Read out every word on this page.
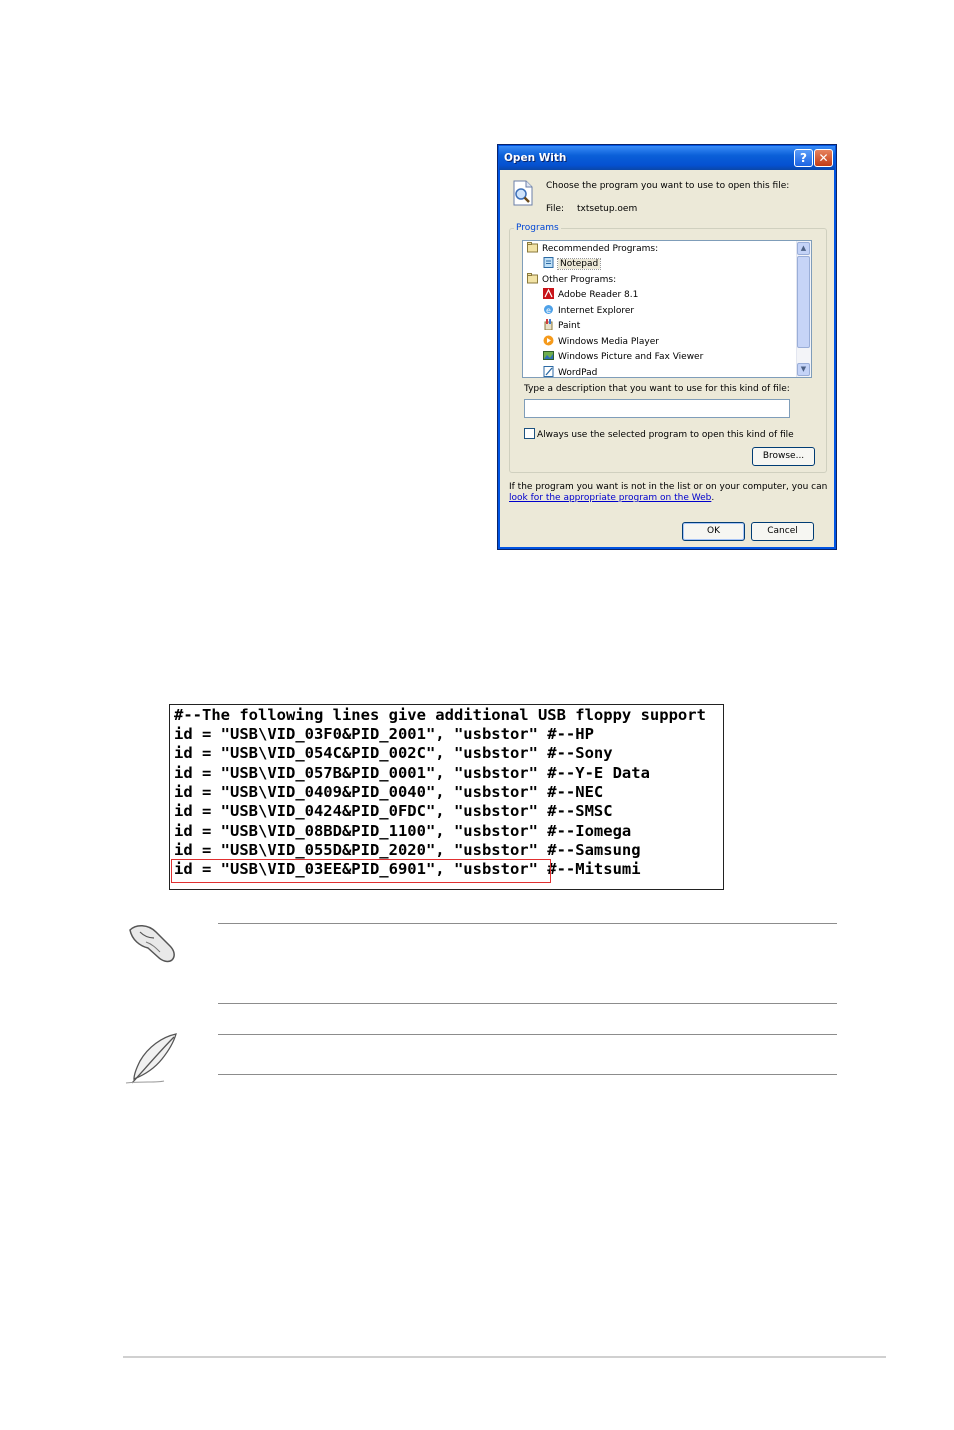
Open With	? ✕
Choose the program you want to use to open this file:
File: txtsetup.oem
Programs
Recommended Programs:
Notepad
Other Programs:
Adobe Reader 8.1
e Internet Explorer
Paint
Windows Media Player
Windows Picture and Fax Viewer
WordPad
▲
▼
Type a description that you want to use for this kind of file:
Always use the selected program to open this kind of file
Browse...
If the program you want is not in the list or on your computer, you can look for the appropriate program on the Web.
OK	Cancel
#--The following lines give additional USB floppy support
id = "USB\VID_03F0&PID_2001", "usbstor" #--HP
id = "USB\VID_054C&PID_002C", "usbstor" #--Sony
id = "USB\VID_057B&PID_0001", "usbstor" #--Y-E Data
id = "USB\VID_0409&PID_0040", "usbstor" #--NEC
id = "USB\VID_0424&PID_0FDC", "usbstor" #--SMSC
id = "USB\VID_08BD&PID_1100", "usbstor" #--Iomega
id = "USB\VID_055D&PID_2020", "usbstor" #--Samsung
id = "USB\VID_03EE&PID_6901", "usbstor" #--Mitsumi
